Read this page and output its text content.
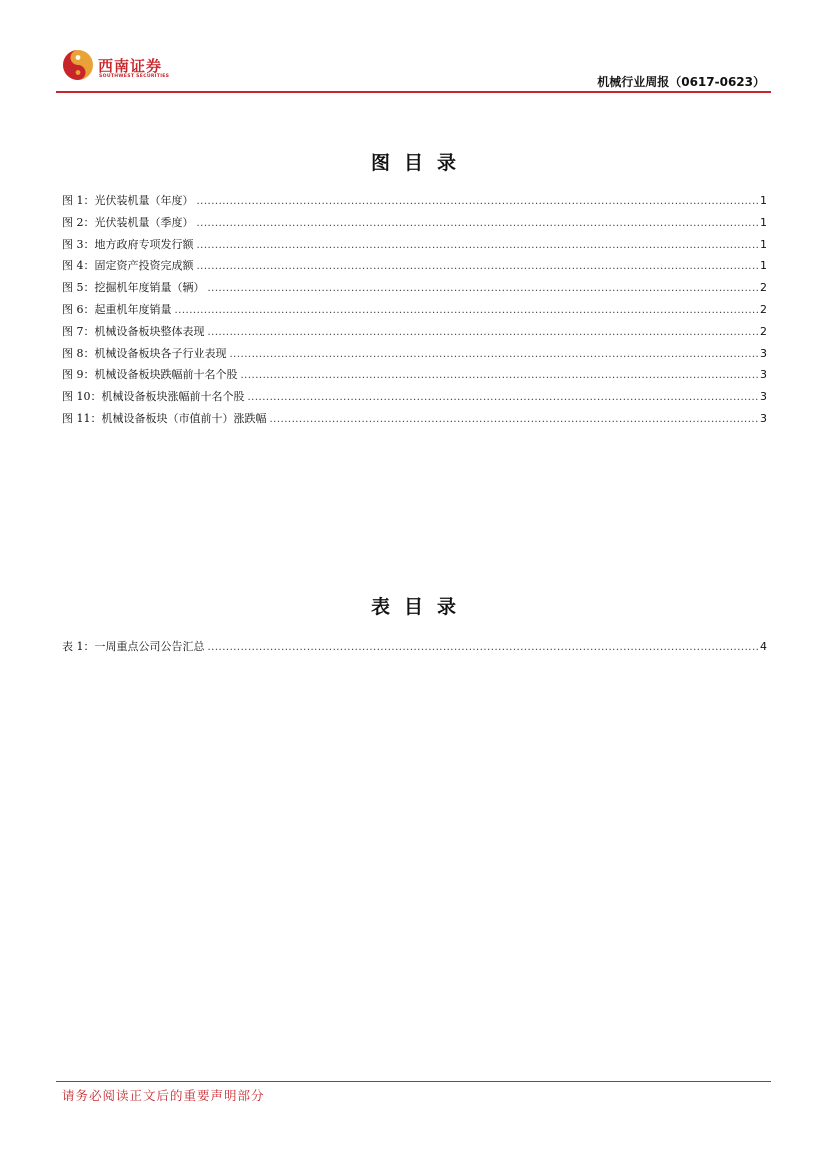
西南证券
SOUTHWEST SECURITIES	机械行业周报（0617-0623）
图目录
图 1：光伏装机量（年度） .....	1
图 2：光伏装机量（季度） .....	1
图 3：地方政府专项发行额 .....	1
图 4：固定资产投资完成额 .....	1
图 5：挖掘机年度销量（辆） .....	2
图 6：起重机年度销量 .....	2
图 7：机械设备板块整体表现 .....	2
图 8：机械设备板块各子行业表现 .....	3
图 9：机械设备板块跌幅前十名个股 .....	3
图 10：机械设备板块涨幅前十名个股 .....	3
图 11：机械设备板块（市值前十）涨跌幅 .....	3
表目录
表 1：一周重点公司公告汇总 .....	4
请务必阅读正文后的重要声明部分
